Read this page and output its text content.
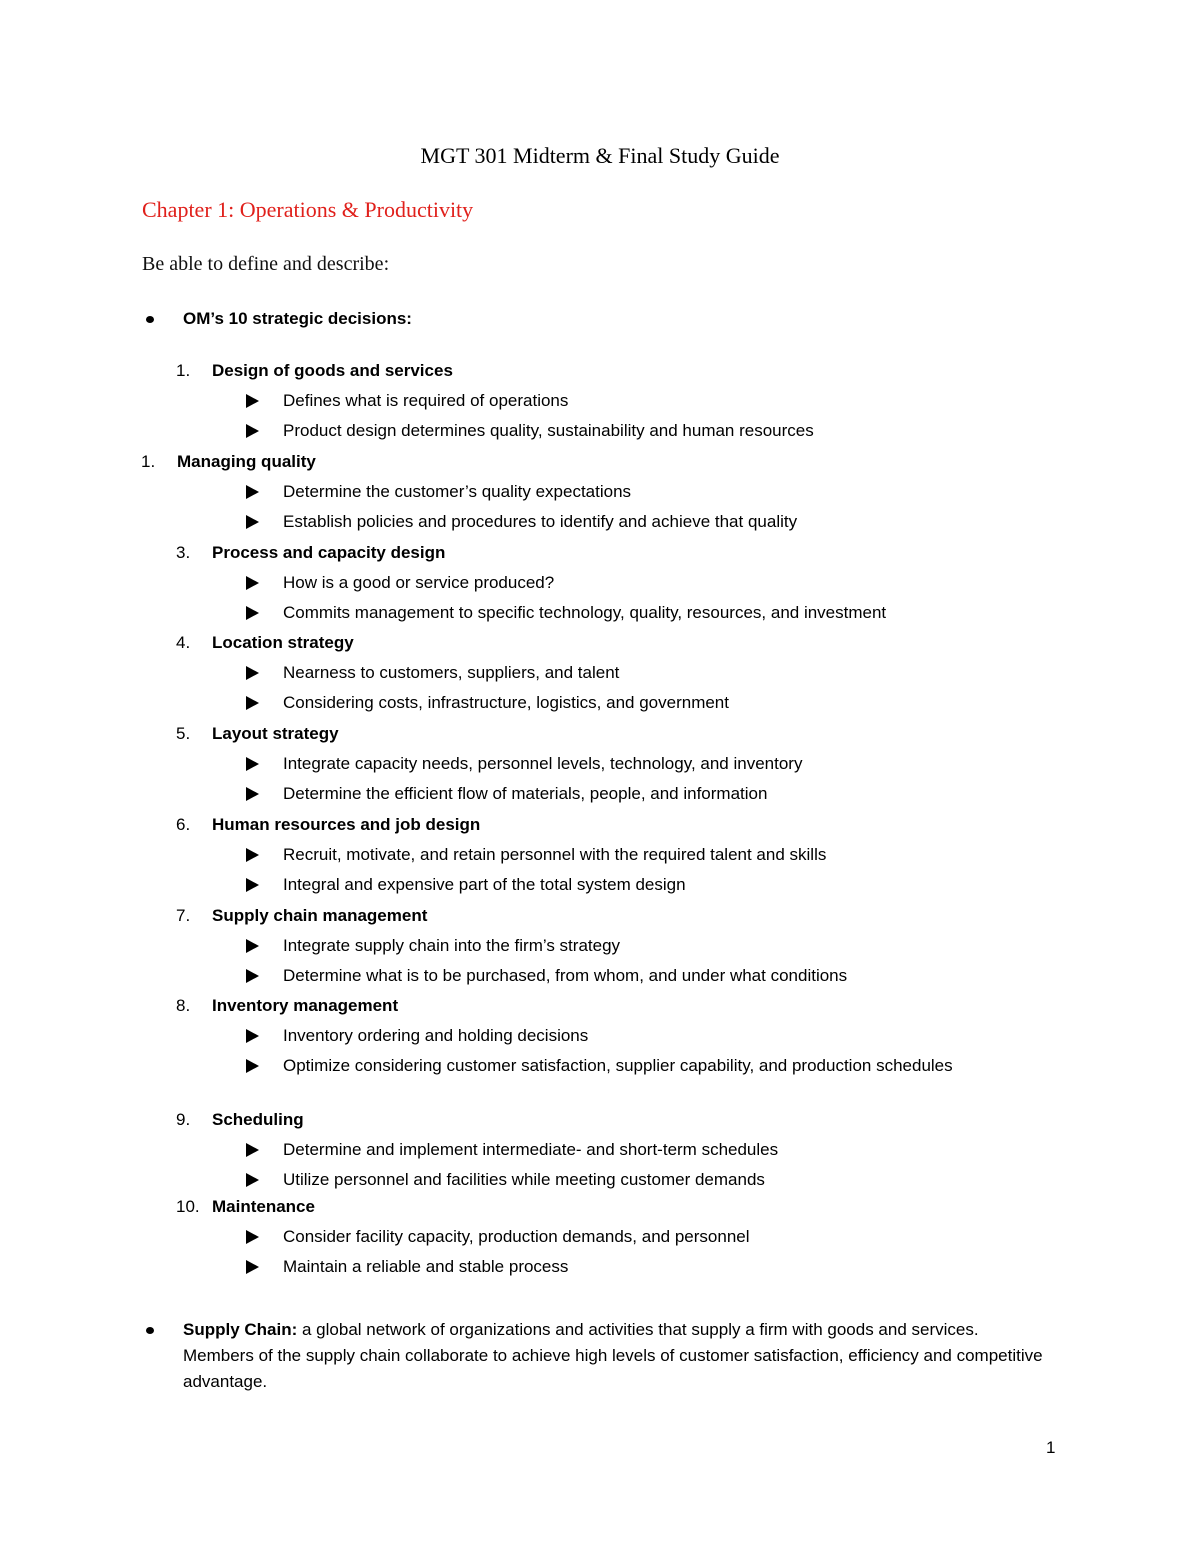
MGT 301 Midterm & Final Study Guide
Chapter 1: Operations & Productivity
Be able to define and describe:
OM’s 10 strategic decisions:
1. Design of goods and services
Defines what is required of operations
Product design determines quality, sustainability and human resources
1. Managing quality
Determine the customer’s quality expectations
Establish policies and procedures to identify and achieve that quality
3. Process and capacity design
How is a good or service produced?
Commits management to specific technology, quality, resources, and investment
4. Location strategy
Nearness to customers, suppliers, and talent
Considering costs, infrastructure, logistics, and government
5. Layout strategy
Integrate capacity needs, personnel levels, technology, and inventory
Determine the efficient flow of materials, people, and information
6. Human resources and job design
Recruit, motivate, and retain personnel with the required talent and skills
Integral and expensive part of the total system design
7. Supply chain management
Integrate supply chain into the firm’s strategy
Determine what is to be purchased, from whom, and under what conditions
8. Inventory management
Inventory ordering and holding decisions
Optimize considering customer satisfaction, supplier capability, and production schedules
9. Scheduling
Determine and implement intermediate- and short-term schedules
Utilize personnel and facilities while meeting customer demands
10. Maintenance
Consider facility capacity, production demands, and personnel
Maintain a reliable and stable process
Supply Chain: a global network of organizations and activities that supply a firm with goods and services. Members of the supply chain collaborate to achieve high levels of customer satisfaction, efficiency and competitive advantage.
1
